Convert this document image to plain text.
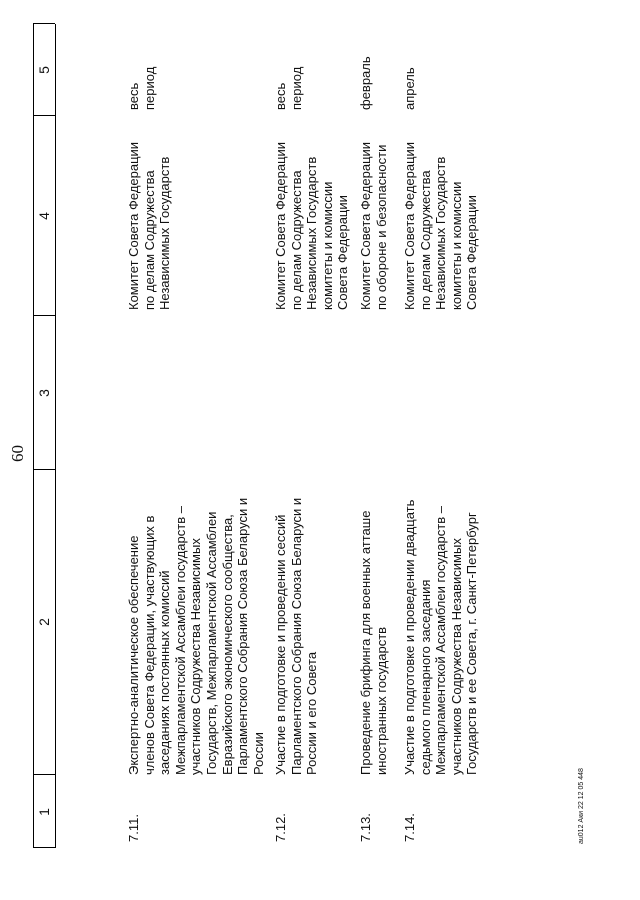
60
1
2
3
4
5
7.11.
Экспертно-аналитическое обеспечение
членов Совета Федерации, участвующих в
заседаниях постоянных комиссий
Межпарламентской Ассамблеи государств –
участников Содружества Независимых
Государств, Межпарламентской Ассамблеи
Евразийского экономического сообщества,
Парламентского Собрания Союза Беларуси и
России
Комитет Совета Федерации
по делам Содружества
Независимых Государств
весь
период
7.12.
Участие в подготовке и проведении сессий
Парламентского Собрания Союза Беларуси и
России и его Совета
Комитет Совета Федерации
по делам Содружества
Независимых Государств
комитеты и комиссии
Совета Федерации
весь
период
7.13.
Проведение брифинга для военных атташе
иностранных государств
Комитет Совета Федерации
по обороне и безопасности
февраль
7.14.
Участие в подготовке и проведении двадцать
седьмого пленарного заседания
Межпарламентской Ассамблеи государств –
участников Содружества Независимых
Государств и ее Совета, г. Санкт-Петербург
Комитет Совета Федерации
по делам Содружества
Независимых Государств
комитеты и комиссии
Совета Федерации
апрель
au012 Аки 22 12 05 448
